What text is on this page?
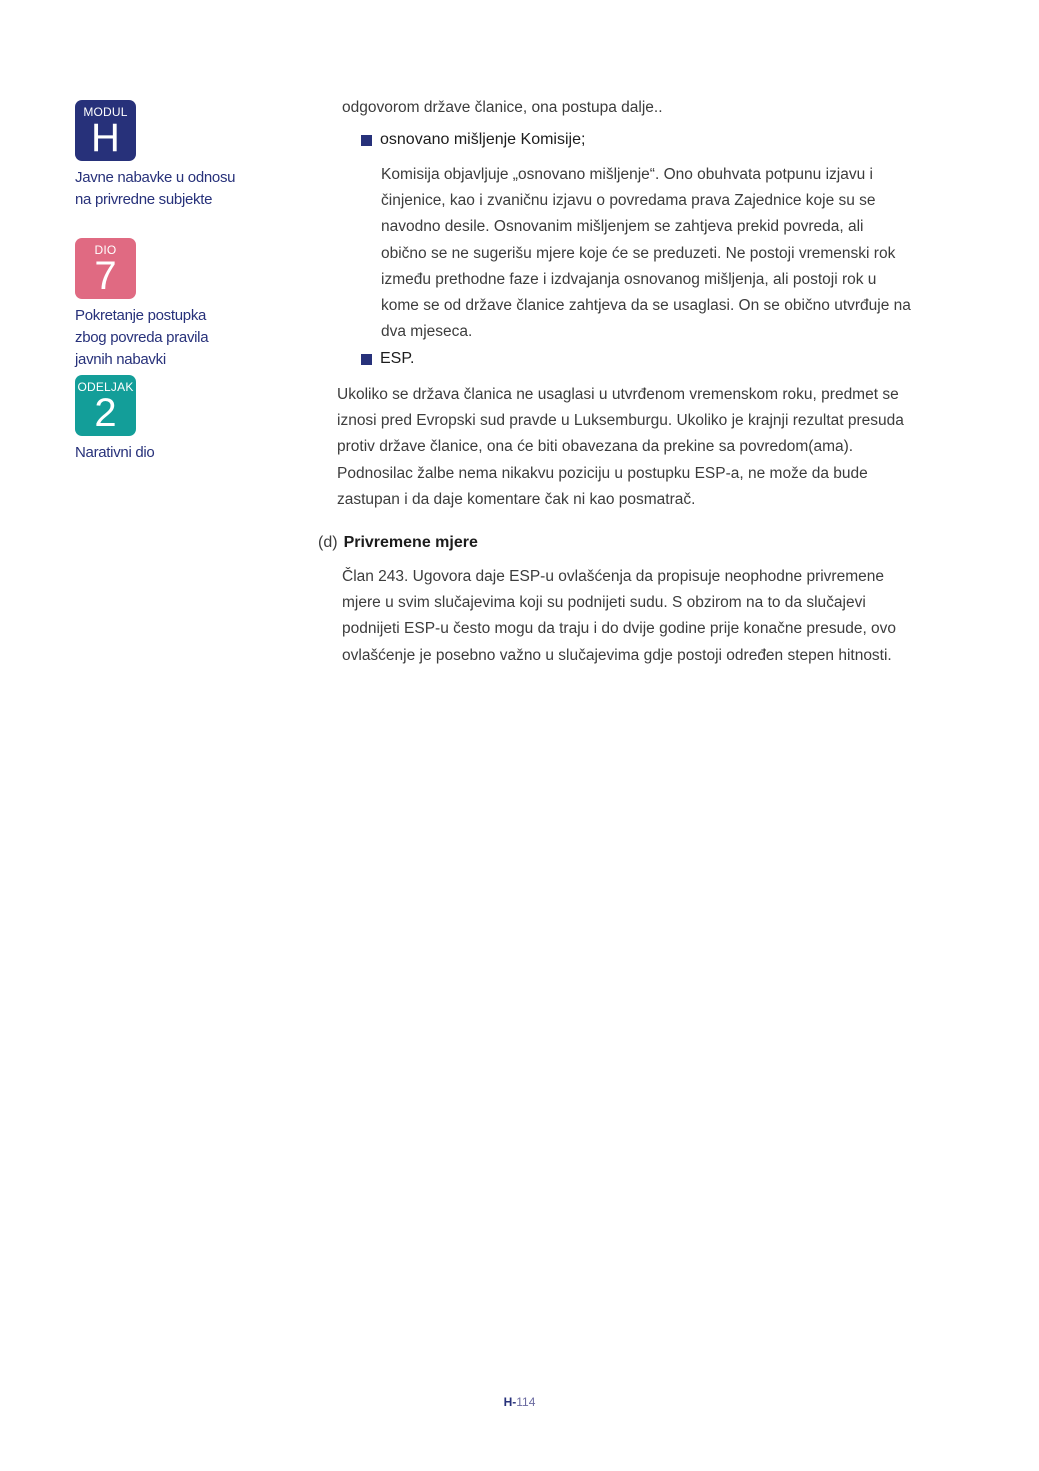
MODUL
H
Javne nabavke u odnosu
na privredne subjekte
DIO
7
Pokretanje postupka
zbog povreda pravila
javnih nabavki
ODELJAK
2
Narativni dio
odgovorom države članice, ona postupa dalje..
osnovano mišljenje Komisije;
Komisija objavljuje „osnovano mišljenje“. Ono obuhvata potpunu izjavu i
činjenice, kao i zvaničnu izjavu o povredama prava Zajednice koje su se
navodno desile. Osnovanim mišljenjem se zahtjeva prekid povreda, ali
obično se ne sugerišu mjere koje će se preduzeti. Ne postoji vremenski rok
između prethodne faze i izdvajanja osnovanog mišljenja, ali postoji rok u
kome se od države članice zahtjeva da se usaglasi. On se obično utvrđuje na
dva mjeseca.
ESP.
Ukoliko se država članica ne usaglasi u utvrđenom vremenskom roku, predmet se
iznosi pred Evropski sud pravde u Luksemburgu. Ukoliko je krajnji rezultat presuda
protiv države članice, ona će biti obavezana da prekine sa povredom(ama).
Podnosilac žalbe nema nikakvu poziciju u postupku ESP-a, ne može da bude
zastupan i da daje komentare čak ni kao posmatrač.
(d) Privremene mjere
Član 243. Ugovora daje ESP-u ovlašćenja da propisuje neophodne privremene
mjere u svim slučajevima koji su podnijeti sudu. S obzirom na to da slučajevi
podnijeti ESP-u često mogu da traju i do dvije godine prije konačne presude, ovo
ovlašćenje je posebno važno u slučajevima gdje postoji određen stepen hitnosti.
H-114
